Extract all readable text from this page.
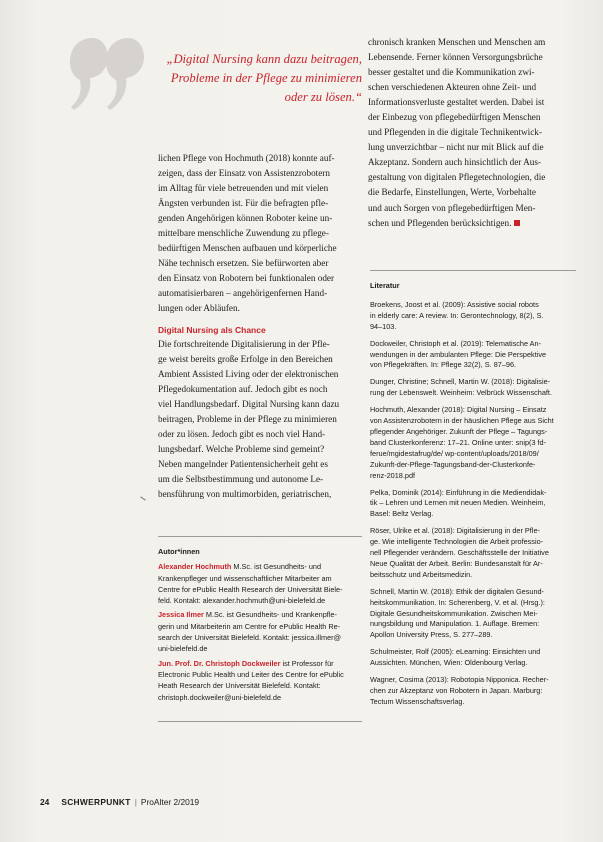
„Digital Nursing kann dazu beitragen,
Probleme in der Pflege zu minimieren
oder zu lösen.“
lichen Pflege von Hochmuth (2018) konnte auf-
zeigen, dass der Einsatz von Assistenzrobotern
im Alltag für viele betreuenden und mit vielen
Ängsten verbunden ist. Für die befragten pfle-
genden Angehörigen können Roboter keine un-
mittelbare menschliche Zuwendung zu pflege-
bedürftigen Menschen aufbauen und körperliche
Nähe technisch ersetzen. Sie befürworten aber
den Einsatz von Robotern bei funktionalen oder
automatisierbaren – angehörigenfernen Hand-
lungen oder Abläufen.
Digital Nursing als Chance
Die fortschreitende Digitalisierung in der Pfle-
ge weist bereits große Erfolge in den Bereichen
Ambient Assisted Living oder der elektronischen
Pflegedokumentation auf. Jedoch gibt es noch
viel Handlungsbedarf. Digital Nursing kann dazu
beitragen, Probleme in der Pflege zu minimieren
oder zu lösen. Jedoch gibt es noch viel Hand-
lungsbedarf. Welche Probleme sind gemeint?
Neben mangelnder Patientensicherheit geht es
um die Selbstbestimmung und autonome Le-
bensführung von multimorbiden, geriatrischen,
chronisch kranken Menschen und Menschen am
Lebensende. Ferner können Versorgungsbrüche
besser gestaltet und die Kommunikation zwi-
schen verschiedenen Akteuren ohne Zeit- und
Informationsverluste gestaltet werden. Dabei ist
der Einbezug von pflegebedürftigen Menschen
und Pflegenden in die digitale Technikentwick-
lung unverzichtbar – nicht nur mit Blick auf die
Akzeptanz. Sondern auch hinsichtlich der Aus-
gestaltung von digitalen Pflegetechnologien, die
die Bedarfe, Einstellungen, Werte, Vorbehalte
und auch Sorgen von pflegebedürftigen Men-
schen und Pflegenden berücksichtigen.
Literatur
Broekens, Joost et al. (2009): Assistive social robots
in elderly care: A review. In: Gerontechnology, 8(2), S.
94–103.
Dockweiler, Christoph et al. (2019): Telematische An-
wendungen in der ambulanten Pflege: Die Perspektive
von Pflegekräften. In: Pflege 32(2), S. 87–96.
Dunger, Christine; Schnell, Martin W. (2018): Digitalisie-
rung der Lebenswelt. Weinheim: Velbrück Wissenschaft.
Hochmuth, Alexander (2018): Digital Nursing – Einsatz
von Assistenzrobotern in der häuslichen Pflege aus Sicht
pflegender Angehöriger. Zukunft der Pflege – Tagungs-
band Clusterkonferenz: 17–21. Online unter: snip(3 fd-
ferue/mgidestafrug/de/ wp-content/uploads/2018/09/
Zukunft-der-Pflege-Tagungsband-der-Clusterkonfe-
renz-2018.pdf
Pelka, Dominik (2014): Einführung in die Mediendidak-
tik – Lehren und Lernen mit neuen Medien. Weinheim,
Basel: Beltz Verlag.
Röser, Ulrike et al. (2018): Digitalisierung in der Pfle-
ge. Wie intelligente Technologien die Arbeit professio-
nell Pflegender verändern. Geschäftsstelle der Initiative
Neue Qualität der Arbeit. Berlin: Bundesanstalt für Ar-
beitsschutz und Arbeitsmedizin.
Schnell, Martin W. (2018): Ethik der digitalen Gesund-
heitskommunikation. In: Scherenberg, V. et al. (Hrsg.):
Digitale Gesundheitskommunikation. Zwischen Mei-
nungsbildung und Manipulation. 1. Auflage. Bremen:
Apollon University Press, S. 277–289.
Schulmeister, Rolf (2005): eLearning: Einsichten und
Aussichten. München, Wien: Oldenbourg Verlag.
Wagner, Cosima (2013): Robotopia Nipponica. Recher-
chen zur Akzeptanz von Robotern in Japan. Marburg:
Tectum Wissenschaftsverlag.
Autor*innen
Alexander Hochmuth M.Sc. ist Gesundheits- und
Krankenpfleger und wissenschaftlicher Mitarbeiter am
Centre for ePublic Health Research der Universität Biele-
feld. Kontakt: alexander.hochmuth@uni-bielefeld.de
Jessica Ilmer M.Sc. ist Gesundheits- und Krankenpfle-
gerin und Mitarbeiterin am Centre for ePublic Health Re-
search der Universität Bielefeld. Kontakt: jessica.illmer@
uni-bielefeld.de
Jun. Prof. Dr. Christoph Dockweiler ist Professor für
Electronic Public Health und Leiter des Centre for ePublic
Heath Research der Universität Bielefeld. Kontakt:
christoph.dockweiler@uni-bielefeld.de
24 SCHWERPUNKT | ProAlter 2/2019
